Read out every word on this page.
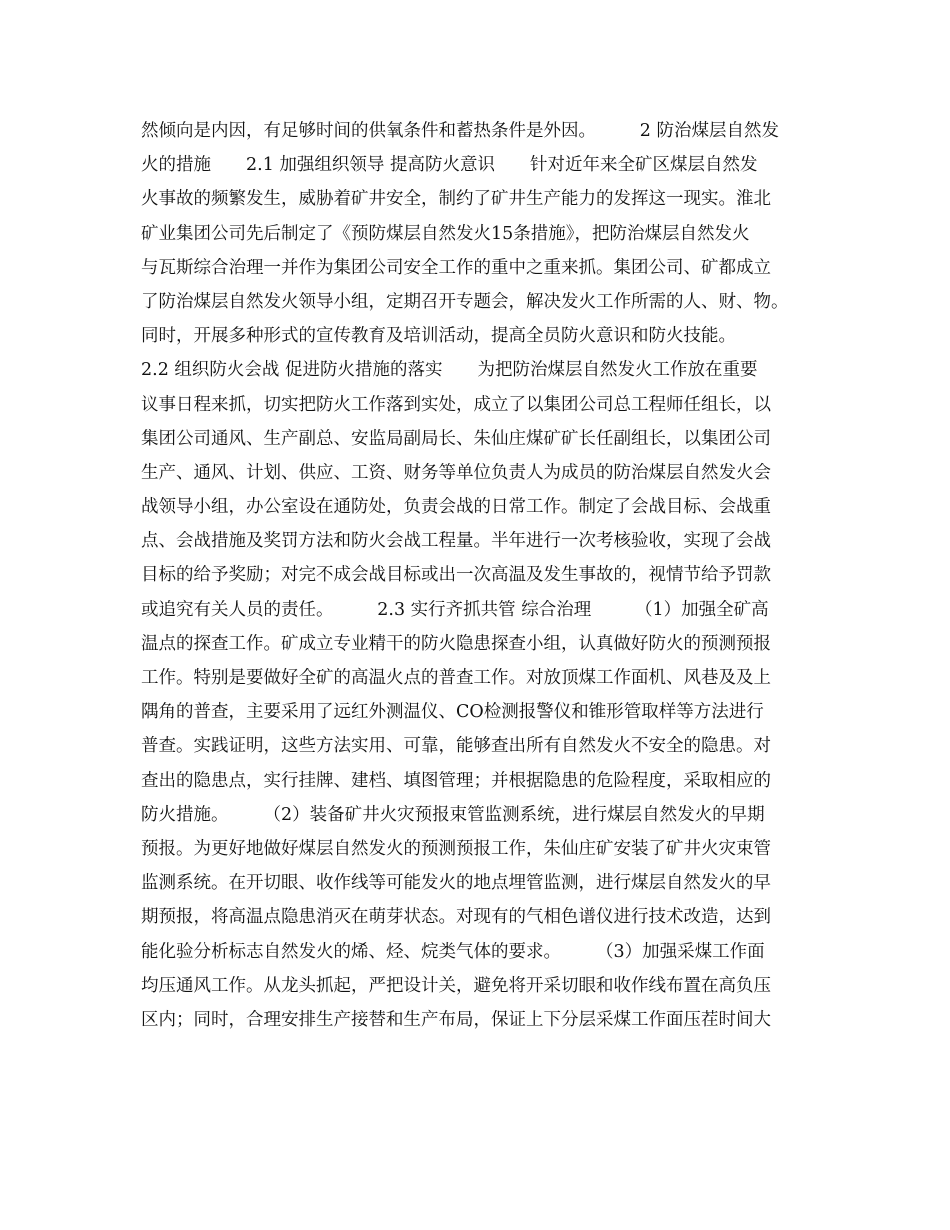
然倾向是内因，有足够时间的供氧条件和蓄热条件是外因。　　　2 防治煤层自然发
火的措施　　2.1 加强组织领导 提高防火意识　　针对近年来全矿区煤层自然发
火事故的频繁发生，威胁着矿井安全，制约了矿井生产能力的发挥这一现实。淮北
矿业集团公司先后制定了《预防煤层自然发火15条措施》，把防治煤层自然发火
与瓦斯综合治理一并作为集团公司安全工作的重中之重来抓。集团公司、矿都成立
了防治煤层自然发火领导小组，定期召开专题会，解决发火工作所需的人、财、物。
同时，开展多种形式的宣传教育及培训活动，提高全员防火意识和防火技能。
2.2 组织防火会战 促进防火措施的落实　　为把防治煤层自然发火工作放在重要
议事日程来抓，切实把防火工作落到实处，成立了以集团公司总工程师任组长，以
集团公司通风、生产副总、安监局副局长、朱仙庄煤矿矿长任副组长，以集团公司
生产、通风、计划、供应、工资、财务等单位负责人为成员的防治煤层自然发火会
战领导小组，办公室设在通防处，负责会战的日常工作。制定了会战目标、会战重
点、会战措施及奖罚方法和防火会战工程量。半年进行一次考核验收，实现了会战
目标的给予奖励；对完不成会战目标或出一次高温及发生事故的，视情节给予罚款
或追究有关人员的责任。　　　2.3 实行齐抓共管 综合治理　　　（1）加强全矿高
温点的探查工作。矿成立专业精干的防火隐患探查小组，认真做好防火的预测预报
工作。特别是要做好全矿的高温火点的普查工作。对放顶煤工作面机、风巷及及上
隅角的普查，主要采用了远红外测温仪、CO检测报警仪和锥形管取样等方法进行
普查。实践证明，这些方法实用、可靠，能够查出所有自然发火不安全的隐患。对
查出的隐患点，实行挂牌、建档、填图管理；并根据隐患的危险程度，采取相应的
防火措施。　　　（2）装备矿井火灾预报束管监测系统，进行煤层自然发火的早期
预报。为更好地做好煤层自然发火的预测预报工作，朱仙庄矿安装了矿井火灾束管
监测系统。在开切眼、收作线等可能发火的地点埋管监测，进行煤层自然发火的早
期预报，将高温点隐患消灭在萌芽状态。对现有的气相色谱仪进行技术改造，达到
能化验分析标志自然发火的烯、烃、烷类气体的要求。　　　（3）加强采煤工作面
均压通风工作。从龙头抓起，严把设计关，避免将开采切眼和收作线布置在高负压
区内；同时，合理安排生产接替和生产布局，保证上下分层采煤工作面压茬时间大
